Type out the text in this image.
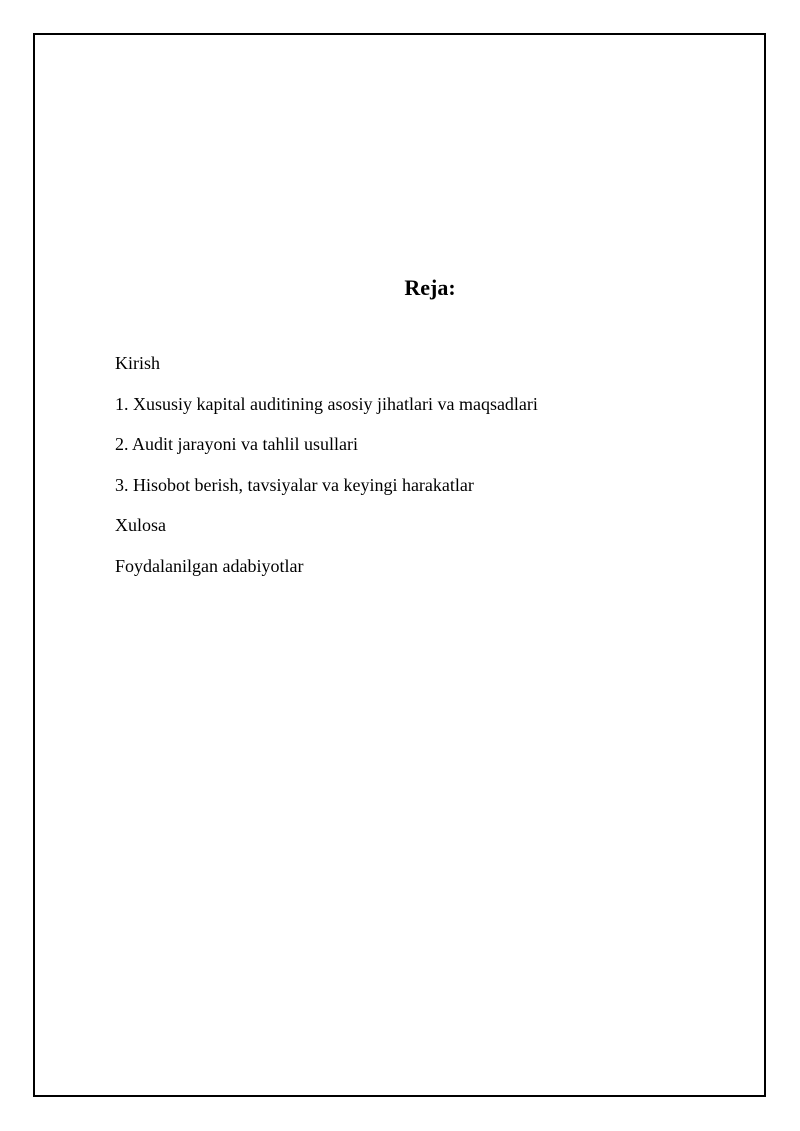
Reja:
Kirish
1. Xususiy kapital auditining asosiy jihatlari va maqsadlari
2. Audit jarayoni va tahlil usullari
3. Hisobot berish, tavsiyalar va keyingi harakatlar
Xulosa
Foydalanilgan adabiyotlar
